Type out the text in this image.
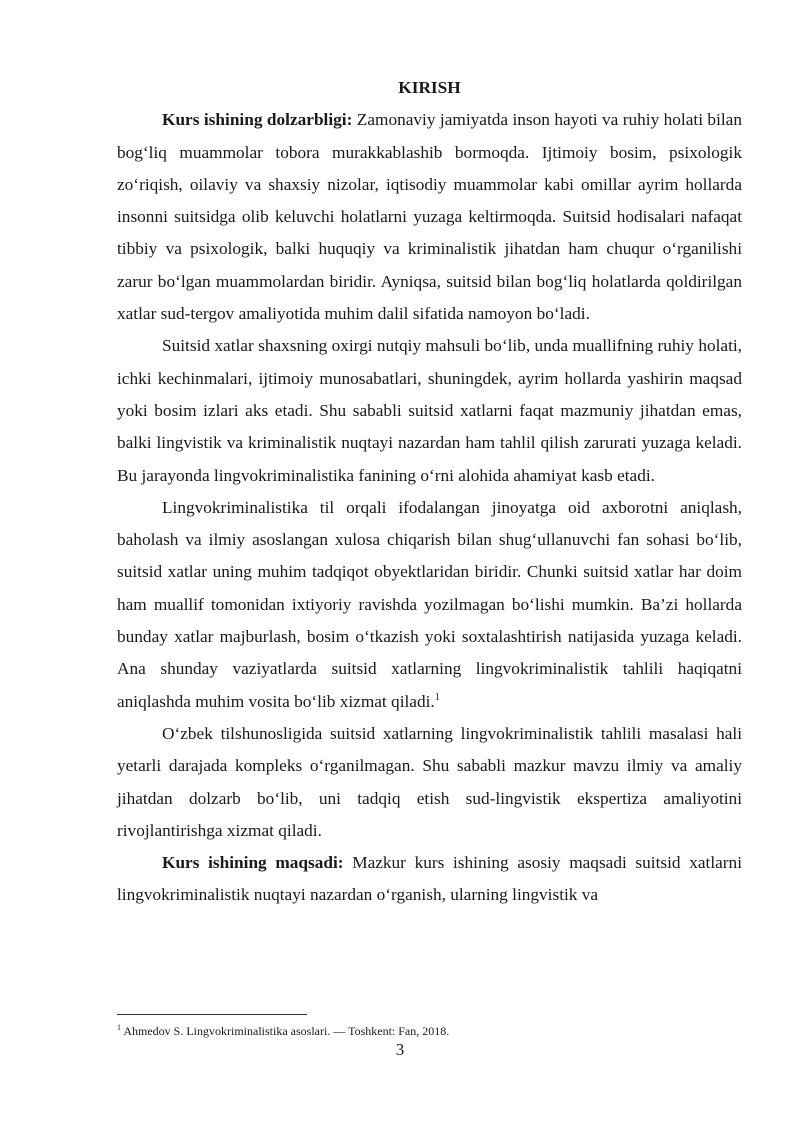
KIRISH

Kurs ishining dolzarbligi: Zamonaviy jamiyatda inson hayoti va ruhiy holati bilan bog‘liq muammolar tobora murakkablashib bormoqda. Ijtimoiy bosim, psixologik zo‘riqish, oilaviy va shaxsiy nizolar, iqtisodiy muammolar kabi omillar ayrim hollarda insonni suitsidga olib keluvchi holatlarni yuzaga keltirmoqda. Suitsid hodisalari nafaqat tibbiy va psixologik, balki huquqiy va kriminalistik jihatdan ham chuqur o‘rganilishi zarur bo‘lgan muammolardan biridir. Ayniqsa, suitsid bilan bog‘liq holatlarda qoldirilgan xatlar sud-tergov amaliyotida muhim dalil sifatida namoyon bo‘ladi.

Suitsid xatlar shaxsning oxirgi nutqiy mahsuli bo‘lib, unda muallifning ruhiy holati, ichki kechinmalari, ijtimoiy munosabatlari, shuningdek, ayrim hollarda yashirin maqsad yoki bosim izlari aks etadi. Shu sababli suitsid xatlarni faqat mazmuniy jihatdan emas, balki lingvistik va kriminalistik nuqtayi nazardan ham tahlil qilish zarurati yuzaga keladi. Bu jarayonda lingvokriminalistika fanining o‘rni alohida ahamiyat kasb etadi.

Lingvokriminalistika til orqali ifodalangan jinoyatga oid axborotni aniqlash, baholash va ilmiy asoslangan xulosa chiqarish bilan shug‘ullanuvchi fan sohasi bo‘lib, suitsid xatlar uning muhim tadqiqot obyektlaridan biridir. Chunki suitsid xatlar har doim ham muallif tomonidan ixtiyoriy ravishda yozilmagan bo‘lishi mumkin. Ba’zi hollarda bunday xatlar majburlash, bosim o‘tkazish yoki soxtalashtirish natijasida yuzaga keladi. Ana shunday vaziyatlarda suitsid xatlarning lingvokriminalistik tahlili haqiqatni aniqlashda muhim vosita bo‘lib xizmat qiladi.$^1$

O‘zbek tilshunosligida suitsid xatlarning lingvokriminalistik tahlili masalasi hali yetarli darajada kompleks o‘rganilmagan. Shu sababli mazkur mavzu ilmiy va amaliy jihatdan dolzarb bo‘lib, uni tadqiq etish sud-lingvistik ekspertiza amaliyotini rivojlantirishga xizmat qiladi.

Kurs ishining maqsadi: Mazkur kurs ishining asosiy maqsadi suitsid xatlarni lingvokriminalistik nuqtayi nazardan o‘rganish, ularning lingvistik va

$^1$ Ahmedov S. Lingvokriminalistika asoslari. — Toshkent: Fan, 2018.

3
